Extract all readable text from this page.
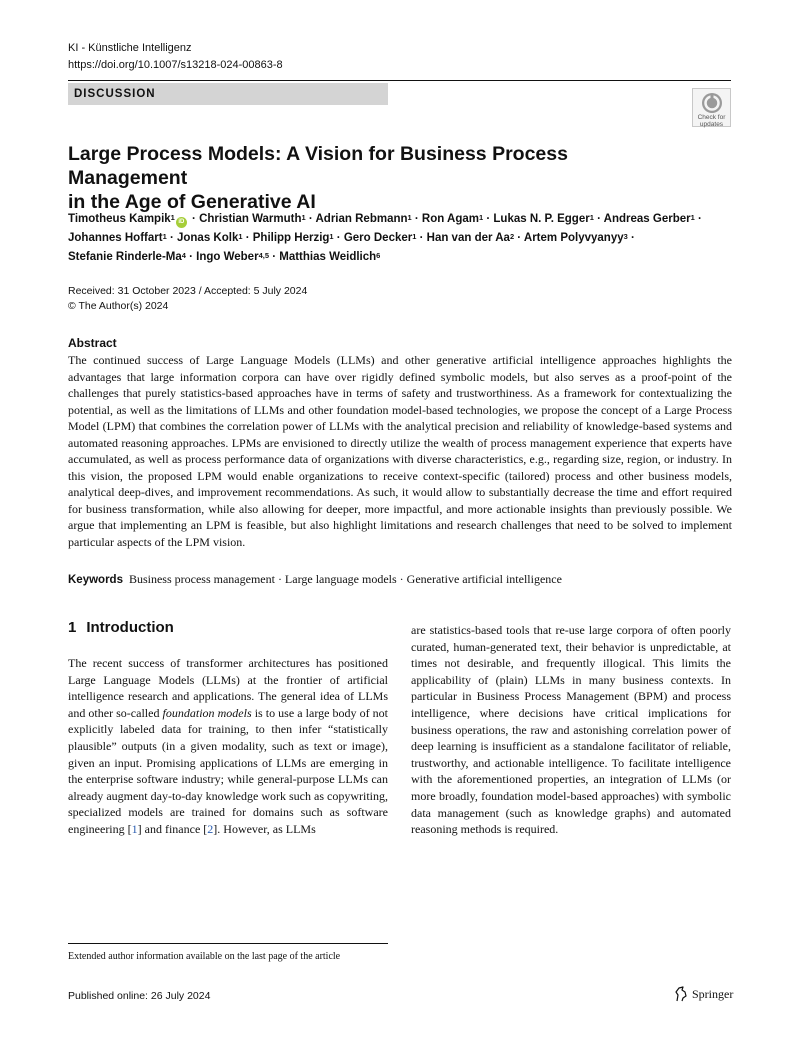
KI - Künstliche Intelligenz
https://doi.org/10.1007/s13218-024-00863-8
DISCUSSION
Check for
updates
Large Process Models: A Vision for Business Process Management
in the Age of Generative AI
Timotheus Kampik$^1$ iD · Christian Warmuth$^1$ · Adrian Rebmann$^1$ · Ron Agam$^1$ · Lukas N. P. Egger$^1$ · Andreas Gerber$^1$ ·
Johannes Hoffart$^1$ · Jonas Kolk$^1$ · Philipp Herzig$^1$ · Gero Decker$^1$ · Han van der $Aa^2$ · Artem Polyvyanyy$^3$ ·
Stefanie Rinderle-$Ma^4$ · Ingo Weber$^{4,5}$ · Matthias Weidlich$^6$
Received: 31 October 2023 / Accepted: 5 July 2024
© The Author(s) 2024
Abstract

The continued success of Large Language Models (LLMs) and other generative artificial intelligence approaches highlights the advantages that large information corpora can have over rigidly defined symbolic models, but also serves as a proof-point of the challenges that purely statistics-based approaches have in terms of safety and trustworthiness. As a framework for contextualizing the potential, as well as the limitations of LLMs and other foundation model-based technologies, we propose the concept of a Large Process Model (LPM) that combines the correlation power of LLMs with the analytical precision and reliability of knowledge-based systems and automated reasoning approaches. LPMs are envisioned to directly utilize the wealth of process management experience that experts have accumulated, as well as process performance data of organizations with diverse characteristics, e.g., regarding size, region, or industry. In this vision, the proposed LPM would enable organizations to receive context-specific (tailored) process and other business models, analytical deep-dives, and improvement recommendations. As such, it would allow to substantially decrease the time and effort required for business transformation, while also allowing for deeper, more impactful, and more actionable insights than previously possible. We argue that implementing an LPM is feasible, but also highlight limitations and research challenges that need to be solved to implement particular aspects of the LPM vision.

Keywords Business process management · Large language models · Generative artificial intelligence
1 Introduction

The recent success of transformer architectures has positioned Large Language Models (LLMs) at the frontier of artificial intelligence research and applications. The general idea of LLMs and other so-called foundation models is to use a large body of not explicitly labeled data for training, to then infer “statistically plausible” outputs (in a given modality, such as text or image), given an input. Promising applications of LLMs are emerging in the enterprise software industry; while general-purpose LLMs can already augment day-to-day knowledge work such as copywriting, specialized models are trained for domains such as software engineering [1] and finance [2]. However, as LLMs

are statistics-based tools that re-use large corpora of often poorly curated, human-generated text, their behavior is unpredictable, at times not desirable, and frequently illogical. This limits the applicability of (plain) LLMs in many business contexts. In particular in Business Process Management (BPM) and process intelligence, where decisions have critical implications for business operations, the raw and astonishing correlation power of deep learning is insufficient as a standalone facilitator of reliable, trustworthy, and actionable intelligence. To facilitate intelligence with the aforementioned properties, an integration of LLMs (or more broadly, foundation model-based approaches) with symbolic data management (such as knowledge graphs) and automated reasoning methods is required.

Extended author information available on the last page of the article
Published online: 26 July 2024	Springer
